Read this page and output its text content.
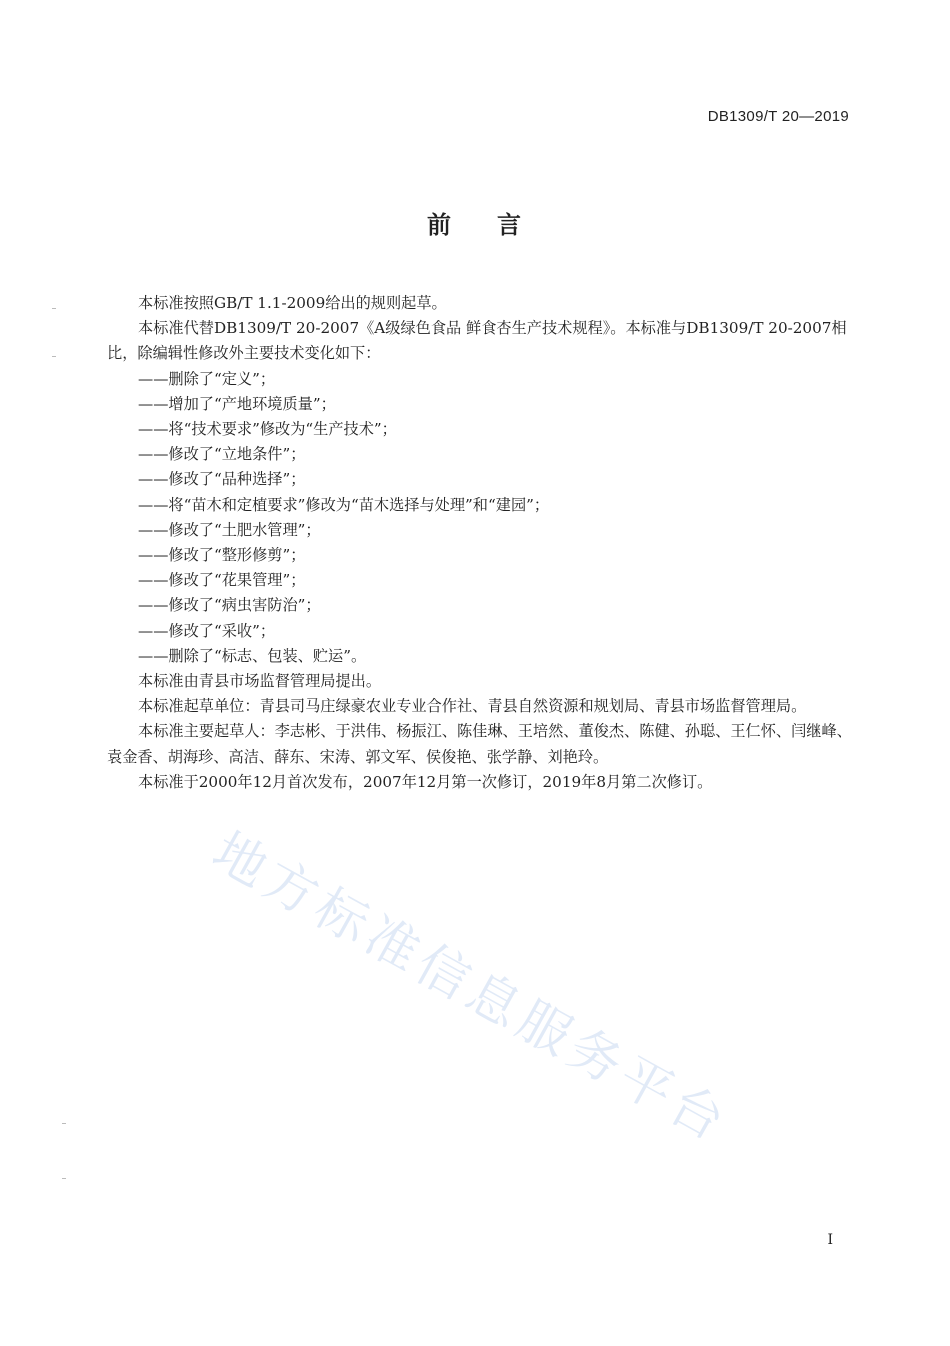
DB1309/T 20—2019
前 言

本标准按照GB/T 1.1-2009给出的规则起草。

本标准代替DB1309/T 20-2007《A级绿色食品 鲜食杏生产技术规程》。本标准与DB1309/T 20-2007相比，除编辑性修改外主要技术变化如下：

——删除了“定义”；

——增加了“产地环境质量”；

——将“技术要求”修改为“生产技术”；

——修改了“立地条件”；

——修改了“品种选择”；

——将“苗木和定植要求”修改为“苗木选择与处理”和“建园”；

——修改了“土肥水管理”；

——修改了“整形修剪”；

——修改了“花果管理”；

——修改了“病虫害防治”；

——修改了“采收”；

——删除了“标志、包装、贮运”。

本标准由青县市场监督管理局提出。

本标准起草单位：青县司马庄绿豪农业专业合作社、青县自然资源和规划局、青县市场监督管理局。

本标准主要起草人：李志彬、于洪伟、杨振江、陈佳琳、王培然、董俊杰、陈健、孙聪、王仁怀、闫继峰、袁金香、胡海珍、高洁、薛东、宋涛、郭文军、侯俊艳、张学静、刘艳玲。

本标准于2000年12月首次发布，2007年12月第一次修订，2019年8月第二次修订。

地方标准信息服务平台
I
